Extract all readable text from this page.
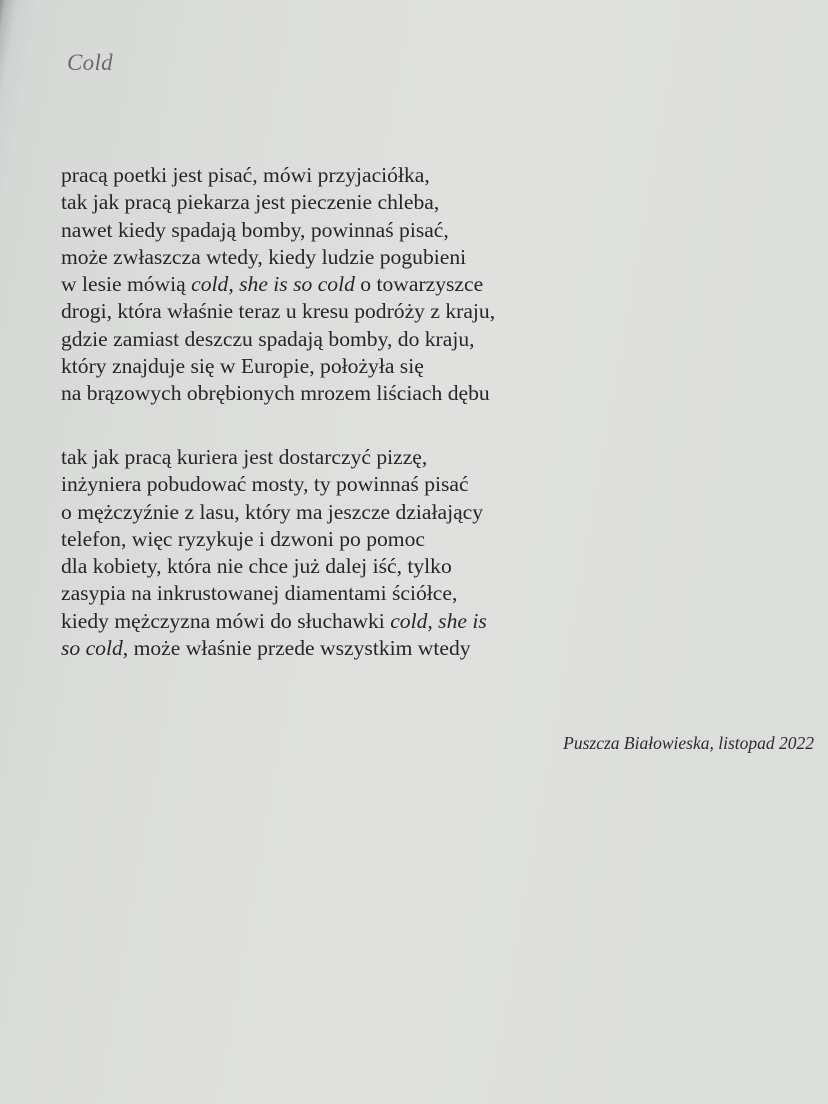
Cold
pracą poetki jest pisać, mówi przyjaciółka,
tak jak pracą piekarza jest pieczenie chleba,
nawet kiedy spadają bomby, powinnaś pisać,
może zwłaszcza wtedy, kiedy ludzie pogubieni
w lesie mówią cold, she is so cold o towarzyszce
drogi, która właśnie teraz u kresu podróży z kraju,
gdzie zamiast deszczu spadają bomby, do kraju,
który znajduje się w Europie, położyła się
na brązowych obrębionych mrozem liściach dębu
tak jak pracą kuriera jest dostarczyć pizzę,
inżyniera pobudować mosty, ty powinnaś pisać
o mężczyźnie z lasu, który ma jeszcze działający
telefon, więc ryzykuje i dzwoni po pomoc
dla kobiety, która nie chce już dalej iść, tylko
zasypia na inkrustowanej diamentami ściółce,
kiedy mężczyzna mówi do słuchawki cold, she is
so cold, może właśnie przede wszystkim wtedy
Puszcza Białowieska, listopad 2022
